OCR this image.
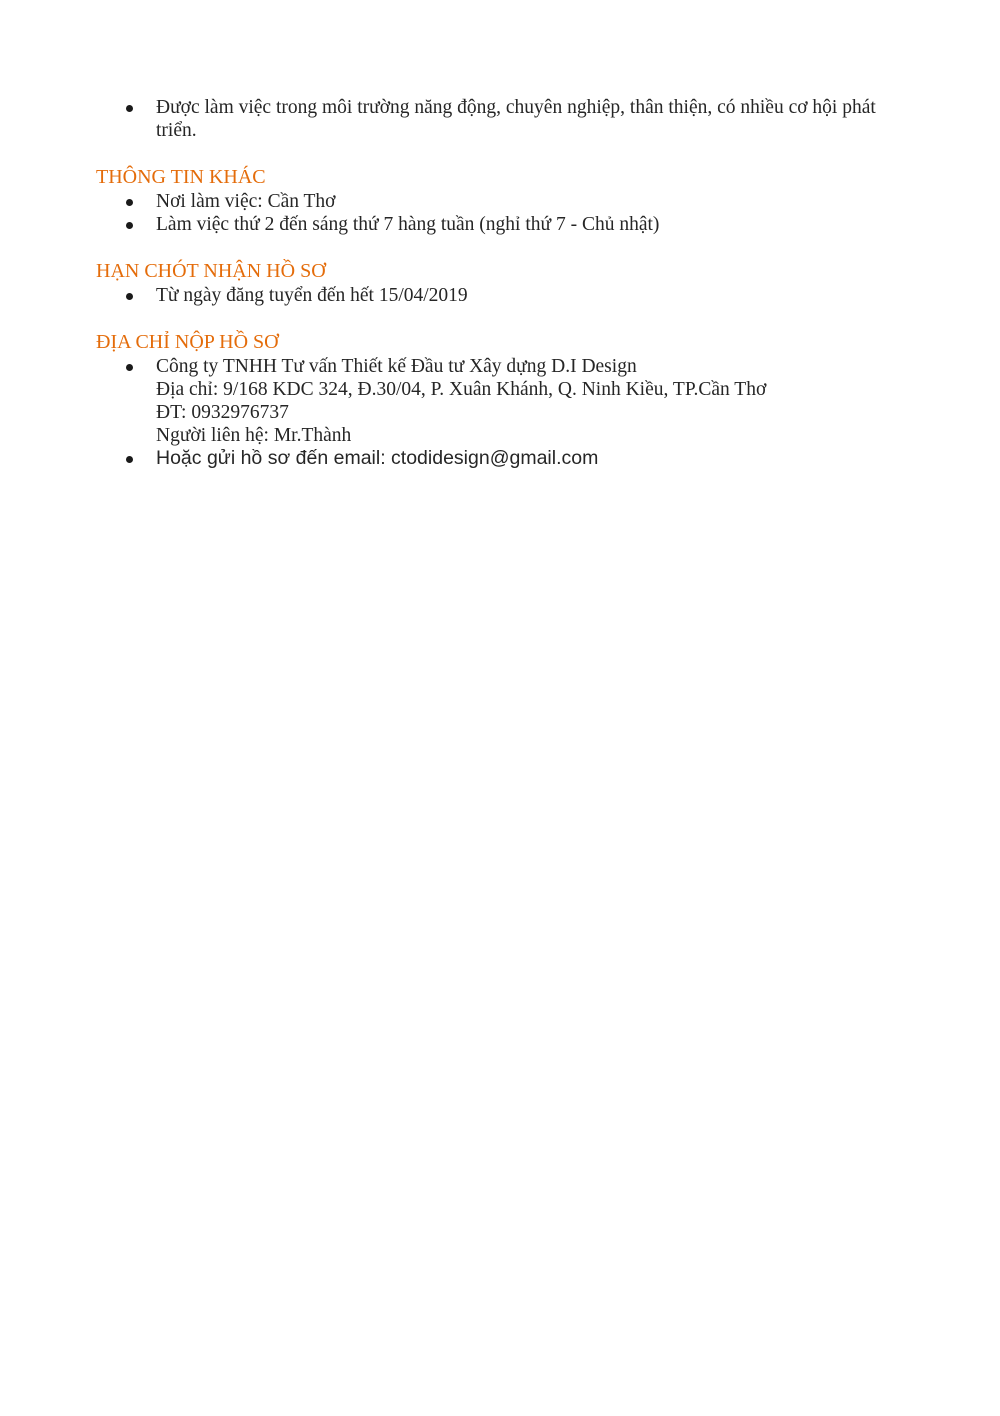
Được làm việc trong môi trường năng động, chuyên nghiệp, thân thiện, có nhiều cơ hội phát
triển.
THÔNG TIN KHÁC
Nơi làm việc: Cần Thơ
Làm việc thứ 2 đến sáng thứ 7 hàng tuần (nghỉ thứ 7 - Chủ nhật)
HẠN CHÓT NHẬN HỒ SƠ
Từ ngày đăng tuyển đến hết 15/04/2019
ĐỊA CHỈ NỘP HỒ SƠ
Công ty TNHH Tư vấn Thiết kế Đầu tư Xây dựng D.I Design
Địa chỉ: 9/168 KDC 324, Đ.30/04, P. Xuân Khánh, Q. Ninh Kiều, TP.Cần Thơ
ĐT: 0932976737
Người liên hệ: Mr.Thành
Hoặc gửi hồ sơ đến email: ctodidesign@gmail.com
